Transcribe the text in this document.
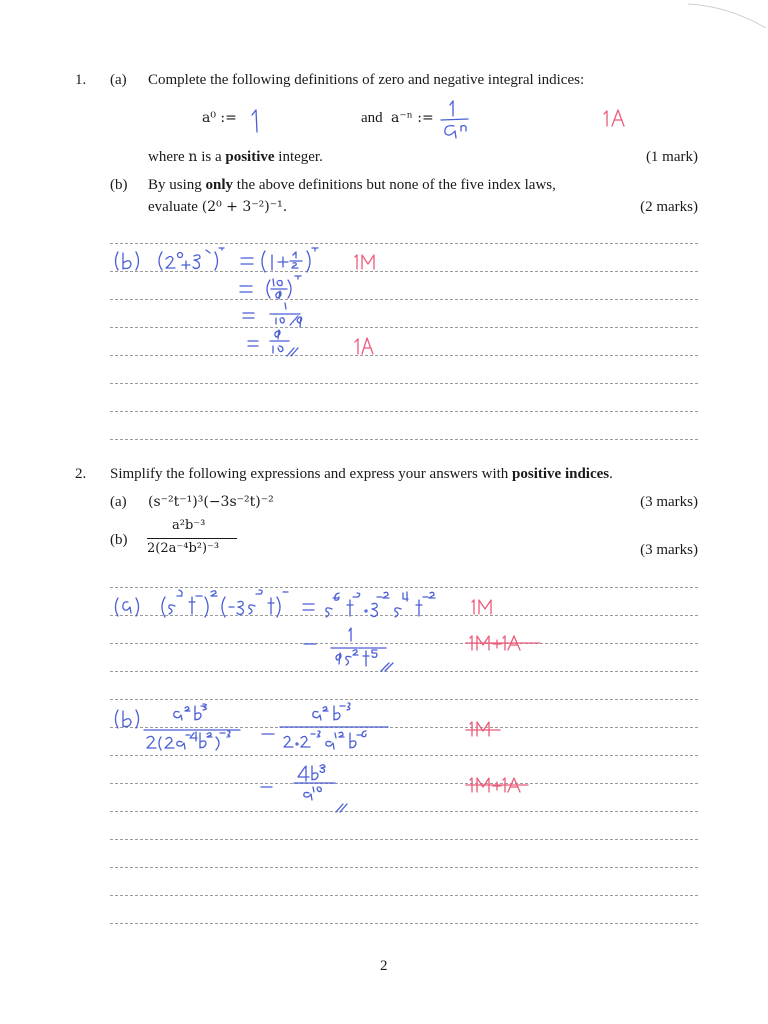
1. (a) Complete the following definitions of zero and negative integral indices:
a⁰ :=	and a⁻ⁿ :=
where n is a positive integer.	(1 mark)
(b) By using only the above definitions but none of the five index laws,
evaluate (2⁰ + 3⁻²)⁻¹.	(2 marks)
2. Simplify the following expressions and express your answers with positive indices.
(a) (s⁻²t⁻¹)³(−3s⁻²t)⁻²	(3 marks)
(b)
a²b⁻³
2(2a⁻⁴b²)⁻³	(3 marks)
2
